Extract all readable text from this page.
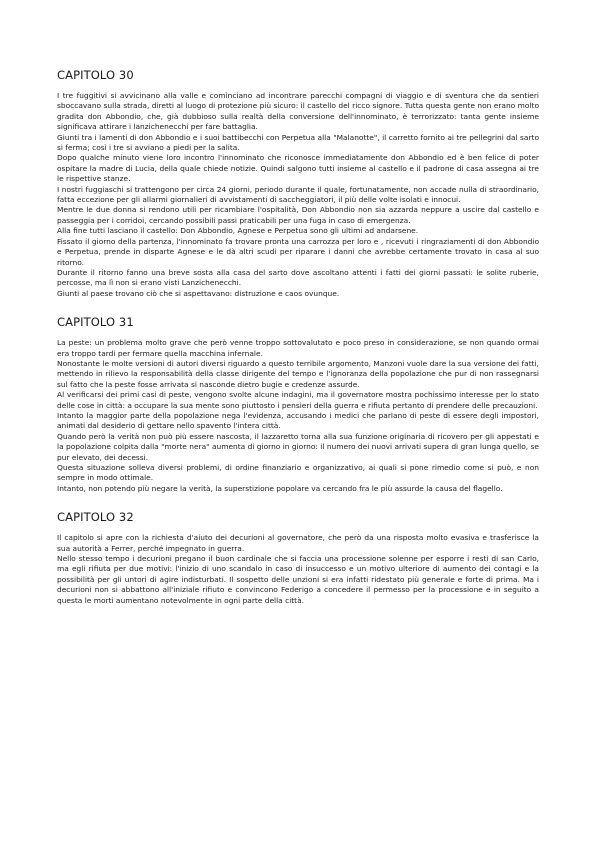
CAPITOLO 30

I tre fuggitivi si avvicinano alla valle e cominciano ad incontrare parecchi compagni di viaggio e di sventura che da sentieri sboccavano sulla strada, diretti al luogo di protezione più sicuro: il castello del ricco signore. Tutta questa gente non erano molto gradita don Abbondio, che, già dubbioso sulla realtà della conversione dell'innominato, è terrorizzato: tanta gente insieme significava attirare i lanzichenecchi per fare battaglia.

Giunti tra i lamenti di don Abbondio e i suoi battibecchi con Perpetua alla "Malanotte", il carretto fornito ai tre pellegrini dal sarto si ferma; così i tre si avviano a piedi per la salita.

Dopo qualche minuto viene loro incontro l'innominato che riconosce immediatamente don Abbondio ed è ben felice di poter ospitare la madre di Lucia, della quale chiede notizie. Quindi salgono tutti insieme al castello e il padrone di casa assegna ai tre le rispettive stanze.

I nostri fuggiaschi si trattengono per circa 24 giorni, periodo durante il quale, fortunatamente, non accade nulla di straordinario, fatta eccezione per gli allarmi giornalieri di avvistamenti di saccheggiatori, il più delle volte isolati e innocui.

Mentre le due donna si rendono utili per ricambiare l'ospitalità, Don Abbondio non sia azzarda neppure a uscire dal castello e passeggia per i corridoi, cercando possibili passi praticabili per una fuga in caso di emergenza.

Alla fine tutti lasciano il castello: Don Abbondio, Agnese e Perpetua sono gli ultimi ad andarsene.

Fissato il giorno della partenza, l'innominato fa trovare pronta una carrozza per loro e , ricevuti i ringraziamenti di don Abbondio e Perpetua, prende in disparte Agnese e le dà altri scudi per riparare i danni che avrebbe certamente trovato in casa al suo ritorno.

Durante il ritorno fanno una breve sosta alla casa del sarto dove ascoltano attenti i fatti dei giorni passati: le solite ruberie, percosse, ma lì non si erano visti Lanzichenecchi.

Giunti al paese trovano ciò che si aspettavano: distruzione e caos ovunque.

CAPITOLO 31

La peste: un problema molto grave che però venne troppo sottovalutato e poco preso in considerazione, se non quando ormai era troppo tardi per fermare quella macchina infernale.

Nonostante le molte versioni di autori diversi riguardo a questo terribile argomento, Manzoni vuole dare la sua versione dei fatti, mettendo in rilievo la responsabilità della classe dirigente del tempo e l'ignoranza della popolazione che pur di non rassegnarsi sul fatto che la peste fosse arrivata si nasconde dietro bugie e credenze assurde.

Al verificarsi dei primi casi di peste, vengono svolte alcune indagini, ma il governatore mostra pochissimo interesse per lo stato delle cose in città: a occupare la sua mente sono piuttosto i pensieri della guerra e rifiuta pertanto di prendere delle precauzioni.

Intanto la maggior parte della popolazione nega l'evidenza, accusando i medici che parlano di peste di essere degli impostori, animati dal desiderio di gettare nello spavento l'intera città.

Quando però la verità non può più essere nascosta, il lazzaretto torna alla sua funzione originaria di ricovero per gli appestati e la popolazione colpita dalla "morte nera" aumenta di giorno in giorno: il numero dei nuovi arrivati supera di gran lunga quello, se pur elevato, dei decessi.

Questa situazione solleva diversi problemi, di ordine finanziario e organizzativo, ai quali si pone rimedio come si può, e non sempre in modo ottimale.

Intanto, non potendo più negare la verità, la superstizione popolare va cercando fra le più assurde la causa del flagello.

CAPITOLO 32

Il capitolo si apre con la richiesta d'aiuto dei decurioni al governatore, che però da una risposta molto evasiva e trasferisce la sua autorità a Ferrer, perché impegnato in guerra.

Nello stesso tempo i decurioni pregano il buon cardinale che si faccia una processione solenne per esporre i resti di san Carlo, ma egli rifiuta per due motivi: l'inizio di uno scandalo in caso di insuccesso e un motivo ulteriore di aumento dei contagi e la possibilità per gli untori di agire indisturbati. Il sospetto delle unzioni si era infatti ridestato più generale e forte di prima. Ma i decurioni non si abbattono all'iniziale rifiuto e convincono Federigo a concedere il permesso per la processione e in seguito a questa le morti aumentano notevolmente in ogni parte della città.
